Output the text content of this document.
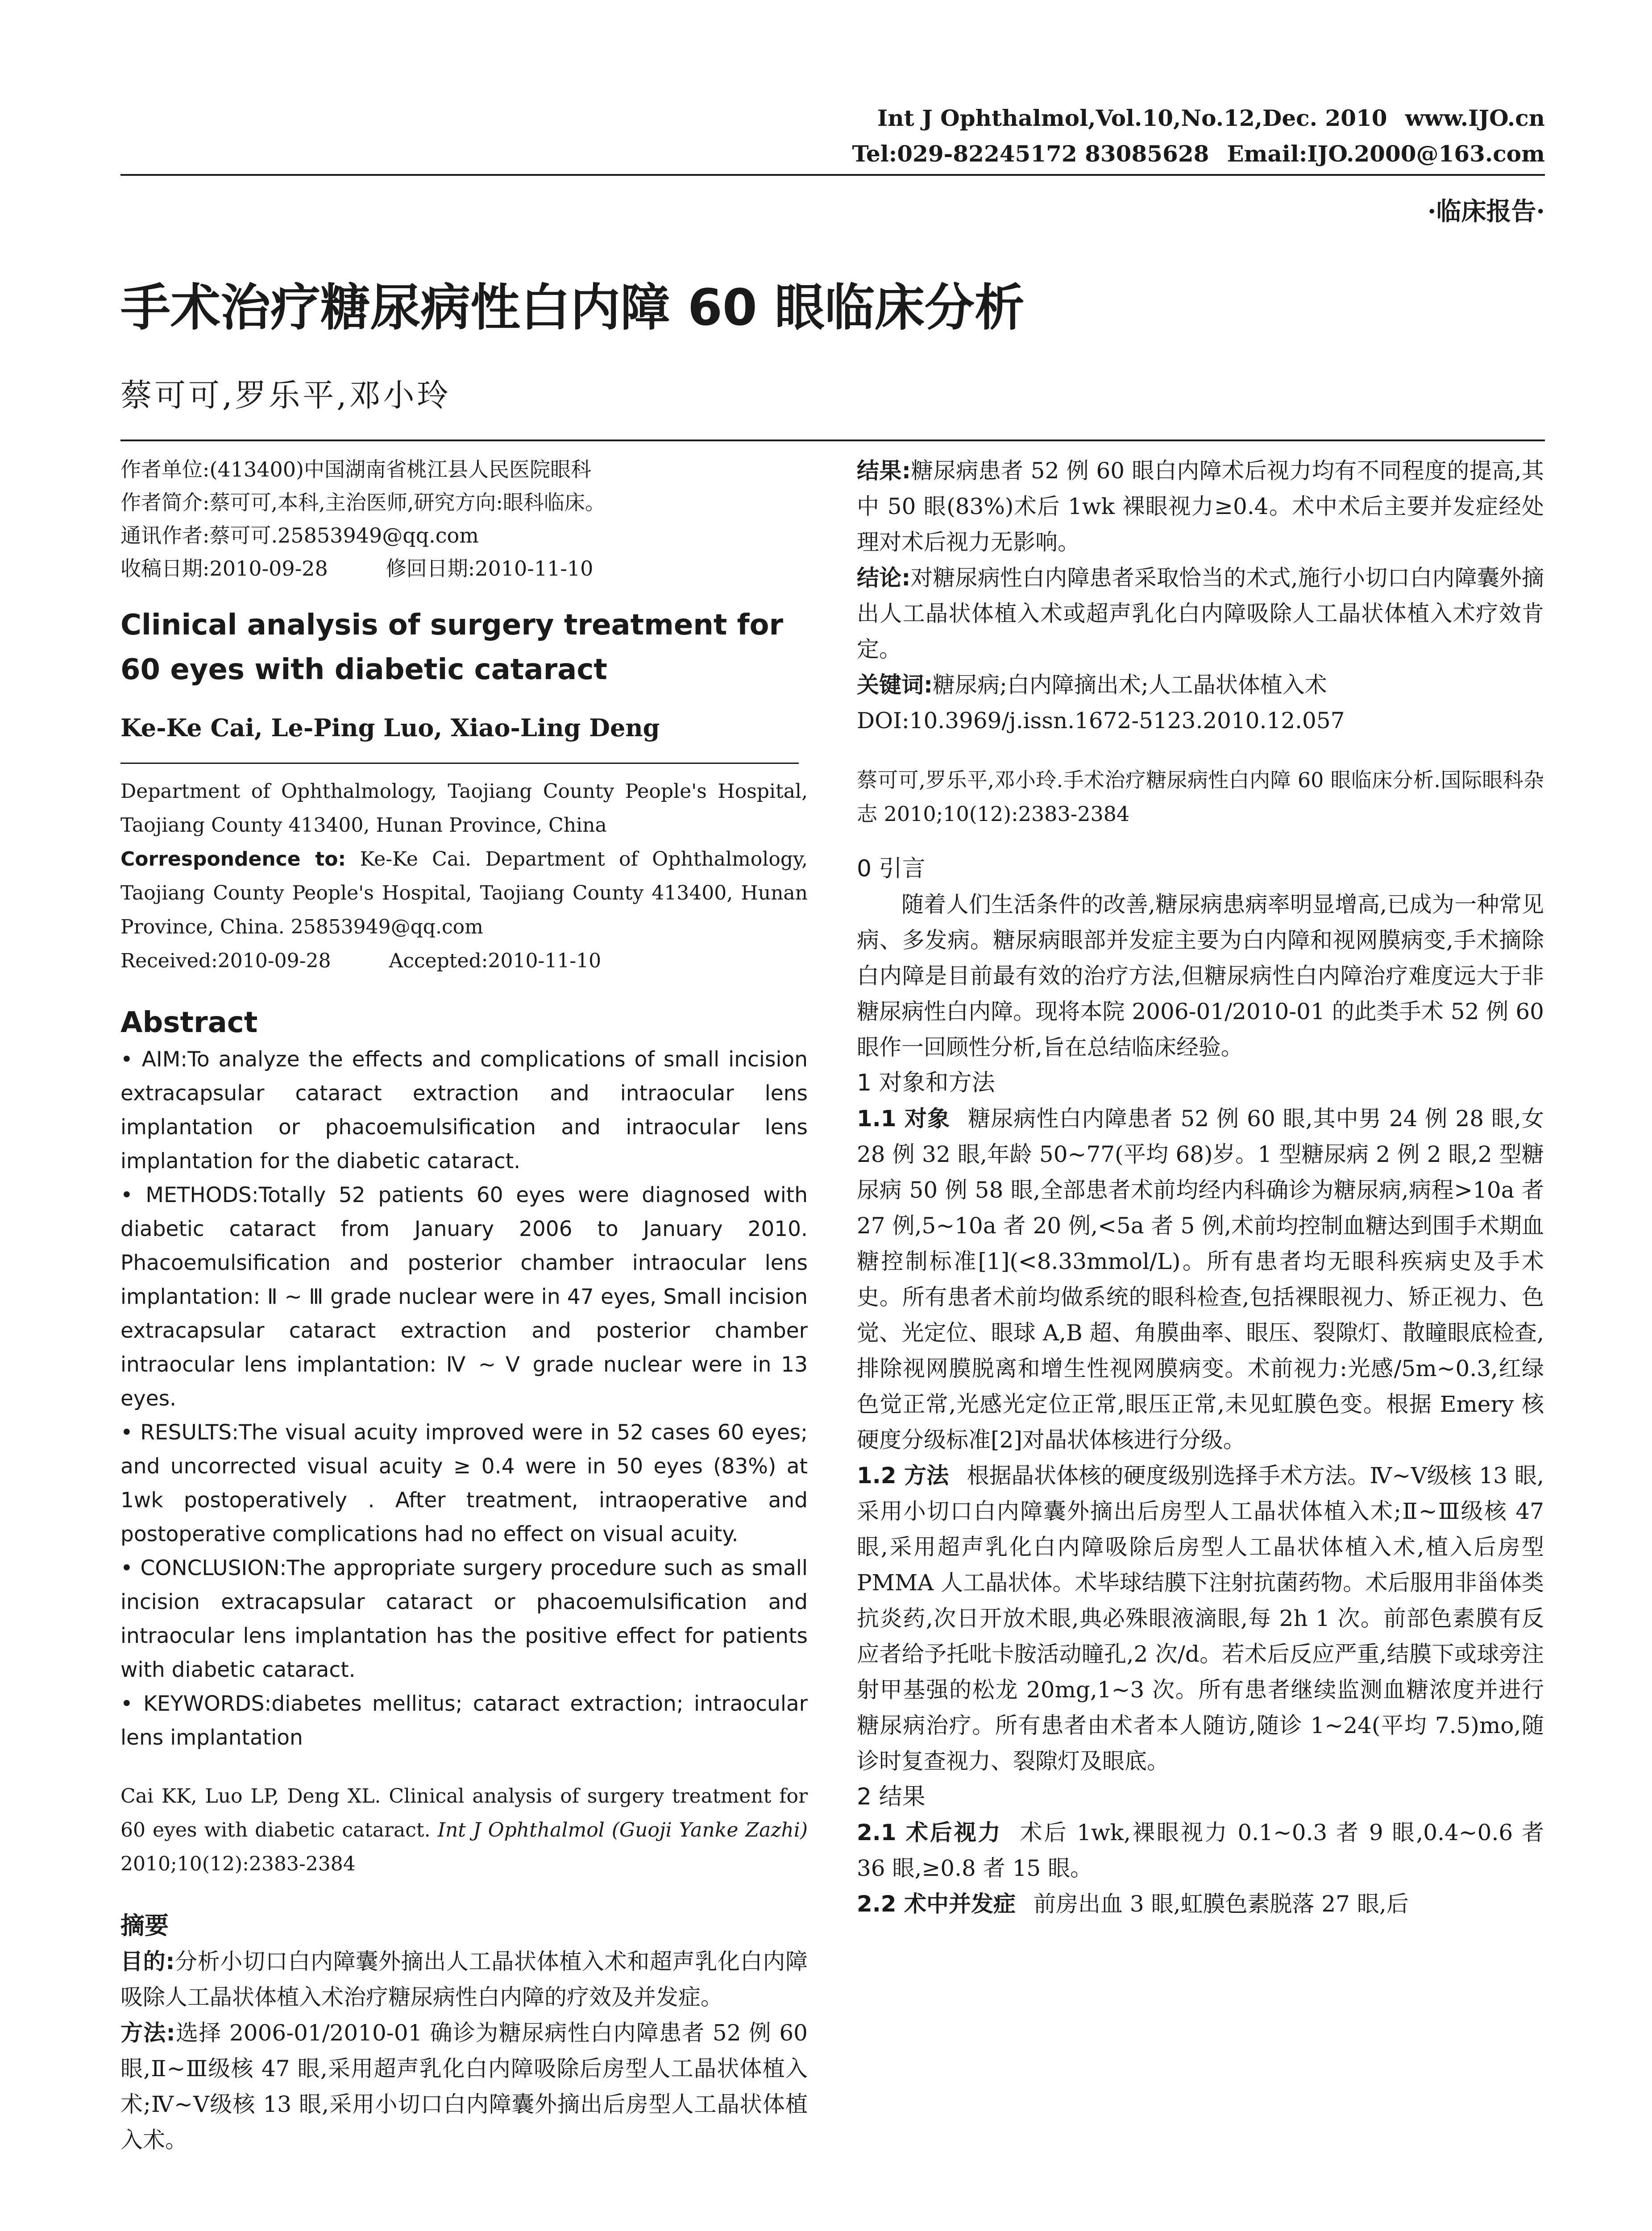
Int J Ophthalmol,Vol.10,No.12,Dec. 2010 www.IJO.cn
Tel:029-82245172 83085628 Email:IJO.2000@163.com
·临床报告·
手术治疗糖尿病性白内障 60 眼临床分析
蔡可可,罗乐平,邓小玲
作者单位:(413400)中国湖南省桃江县人民医院眼科
作者简介:蔡可可,本科,主治医师,研究方向:眼科临床。
通讯作者:蔡可可.25853949@qq.com
收稿日期:2010-09-28	修回日期:2010-11-10
Clinical analysis of surgery treatment for 60 eyes with diabetic cataract
Ke-Ke Cai, Le-Ping Luo, Xiao-Ling Deng
Department of Ophthalmology, Taojiang County People's Hospital, Taojiang County 413400, Hunan Province, China
Correspondence to: Ke-Ke Cai. Department of Ophthalmology, Taojiang County People's Hospital, Taojiang County 413400, Hunan Province, China. 25853949@qq.com
Received:2010-09-28	Accepted:2010-11-10
Abstract
• AIM:To analyze the effects and complications of small incision extracapsular cataract extraction and intraocular lens implantation or phacoemulsification and intraocular lens implantation for the diabetic cataract.
• METHODS:Totally 52 patients 60 eyes were diagnosed with diabetic cataract from January 2006 to January 2010. Phacoemulsification and posterior chamber intraocular lens implantation: Ⅱ ~ Ⅲ grade nuclear were in 47 eyes, Small incision extracapsular cataract extraction and posterior chamber intraocular lens implantation: Ⅳ ~ Ⅴ grade nuclear were in 13 eyes.
• RESULTS:The visual acuity improved were in 52 cases 60 eyes; and uncorrected visual acuity ≥ 0.4 were in 50 eyes (83%) at 1wk postoperatively . After treatment, intraoperative and postoperative complications had no effect on visual acuity.
• CONCLUSION:The appropriate surgery procedure such as small incision extracapsular cataract or phacoemulsification and intraocular lens implantation has the positive effect for patients with diabetic cataract.
• KEYWORDS:diabetes mellitus; cataract extraction; intraocular lens implantation
Cai KK, Luo LP, Deng XL. Clinical analysis of surgery treatment for 60 eyes with diabetic cataract. Int J Ophthalmol (Guoji Yanke Zazhi) 2010;10(12):2383-2384
摘要
目的:分析小切口白内障囊外摘出人工晶状体植入术和超声乳化白内障吸除人工晶状体植入术治疗糖尿病性白内障的疗效及并发症。
方法:选择 2006-01/2010-01 确诊为糖尿病性白内障患者 52 例 60 眼,Ⅱ~Ⅲ级核 47 眼,采用超声乳化白内障吸除后房型人工晶状体植入术;Ⅳ~Ⅴ级核 13 眼,采用小切口白内障囊外摘出后房型人工晶状体植入术。
结果:糖尿病患者 52 例 60 眼白内障术后视力均有不同程度的提高,其中 50 眼(83%)术后 1wk 裸眼视力≥0.4。术中术后主要并发症经处理对术后视力无影响。
结论:对糖尿病性白内障患者采取恰当的术式,施行小切口白内障囊外摘出人工晶状体植入术或超声乳化白内障吸除人工晶状体植入术疗效肯定。
关键词:糖尿病;白内障摘出术;人工晶状体植入术
DOI:10.3969/j.issn.1672-5123.2010.12.057
蔡可可,罗乐平,邓小玲.手术治疗糖尿病性白内障 60 眼临床分析.国际眼科杂志 2010;10(12):2383-2384
0 引言
随着人们生活条件的改善,糖尿病患病率明显增高,已成为一种常见病、多发病。糖尿病眼部并发症主要为白内障和视网膜病变,手术摘除白内障是目前最有效的治疗方法,但糖尿病性白内障治疗难度远大于非糖尿病性白内障。现将本院 2006-01/2010-01 的此类手术 52 例 60 眼作一回顾性分析,旨在总结临床经验。
1 对象和方法
1.1 对象 糖尿病性白内障患者 52 例 60 眼,其中男 24 例 28 眼,女 28 例 32 眼,年龄 50~77(平均 68)岁。1 型糖尿病 2 例 2 眼,2 型糖尿病 50 例 58 眼,全部患者术前均经内科确诊为糖尿病,病程>10a 者 27 例,5~10a 者 20 例,<5a 者 5 例,术前均控制血糖达到围手术期血糖控制标准[1](<8.33mmol/L)。所有患者均无眼科疾病史及手术史。所有患者术前均做系统的眼科检查,包括裸眼视力、矫正视力、色觉、光定位、眼球 A,B 超、角膜曲率、眼压、裂隙灯、散瞳眼底检查,排除视网膜脱离和增生性视网膜病变。术前视力:光感/5m~0.3,红绿色觉正常,光感光定位正常,眼压正常,未见虹膜色变。根据 Emery 核硬度分级标准[2]对晶状体核进行分级。
1.2 方法 根据晶状体核的硬度级别选择手术方法。Ⅳ~Ⅴ级核 13 眼,采用小切口白内障囊外摘出后房型人工晶状体植入术;Ⅱ~Ⅲ级核 47 眼,采用超声乳化白内障吸除后房型人工晶状体植入术,植入后房型 PMMA 人工晶状体。术毕球结膜下注射抗菌药物。术后服用非甾体类抗炎药,次日开放术眼,典必殊眼液滴眼,每 2h 1 次。前部色素膜有反应者给予托吡卡胺活动瞳孔,2 次/d。若术后反应严重,结膜下或球旁注射甲基强的松龙 20mg,1~3 次。所有患者继续监测血糖浓度并进行糖尿病治疗。所有患者由术者本人随访,随诊 1~24(平均 7.5)mo,随诊时复查视力、裂隙灯及眼底。
2 结果
2.1 术后视力 术后 1wk,裸眼视力 0.1~0.3 者 9 眼,0.4~0.6 者 36 眼,≥0.8 者 15 眼。
2.2 术中并发症 前房出血 3 眼,虹膜色素脱落 27 眼,后
